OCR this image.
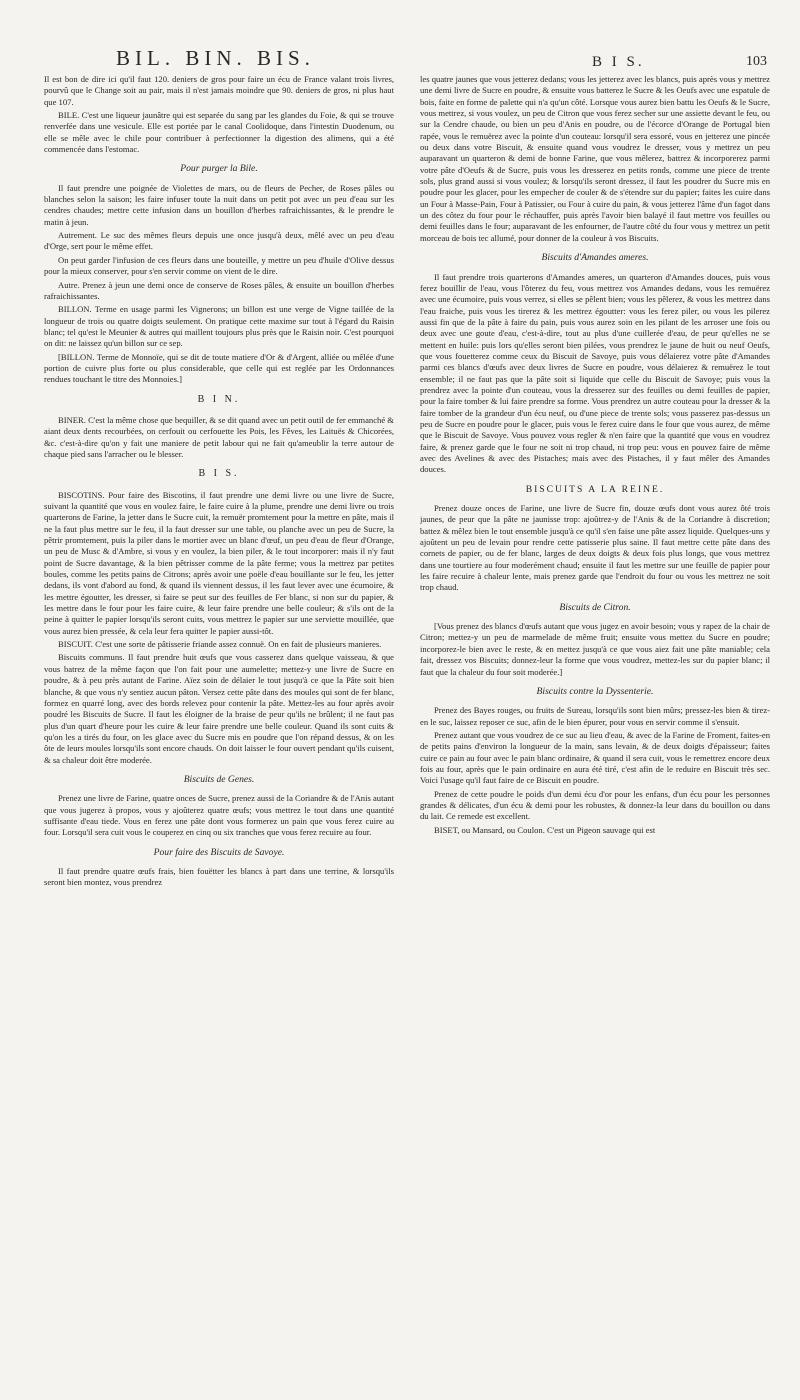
BIL. BIN. BIS.	B I S.	103

Il est bon de dire ici qu'il faut 120. deniers de gros pour faire un écu de France valant trois livres, pourvû que le Change soit au pair, mais il n'est jamais moindre que 90. deniers de gros, ni plus haut que 107.

BILE. C'est une liqueur jaunâtre qui est separée du sang par les glandes du Foie, & qui se trouve renverfée dans une vesicule. Elle est portée par le canal Coolidoque, dans l'intestin Duodenum, ou elle se mêle avec le chile pour contribuer à perfectionner la digestion des alimens, qui a été commencée dans l'estomac.

Pour purger la Bile.

Il faut prendre une poignée de Violettes de mars, ou de fleurs de Pecher, de Roses pâles ou blanches selon la saison; les faire infuser toute la nuit dans un petit pot avec un peu d'eau sur les cendres chaudes; mettre cette infusion dans un bouillon d'herbes rafraichissantes, & le prendre le matin à jeun.

Autrement. Le suc des mêmes fleurs depuis une once jusqu'à deux, mêlé avec un peu d'eau d'Orge, sert pour le même effet.

On peut garder l'infusion de ces fleurs dans une bouteille, y mettre un peu d'huile d'Olive dessus pour la mieux conserver, pour s'en servir comme on vient de le dire.

Autre. Prenez à jeun une demi once de conserve de Roses pâles, & ensuite un bouillon d'herbes rafraichissantes.

BILLON. Terme en usage parmi les Vignerons; un billon est une verge de Vigne taillée de la longueur de trois ou quatre doigts seulement. On pratique cette maxime sur tout à l'égard du Raisin blanc; tel qu'est le Meunier & autres qui maillent toujours plus près que le Raisin noir. C'est pourquoi on dit: ne laissez qu'un billon sur ce sep.

[BILLON. Terme de Monnoïe, qui se dit de toute matiere d'Or & d'Argent, alliée ou mêlée d'une portion de cuivre plus forte ou plus considerable, que celle qui est reglée par les Ordonnances rendues touchant le titre des Monnoies.]

B I N.

BINER. C'est la même chose que bequiller, & se dit quand avec un petit outil de fer emmanché & aiant deux dents recourbées, on cerfouit ou cerfouette les Pois, les Fêves, les Laituës & Chicorées, &c. c'est-à-dire qu'on y fait une maniere de petit labour qui ne fait qu'ameublir la terre autour de chaque pied sans l'arracher ou le blesser.

B I S.

BISCOTINS. Pour faire des Biscotins, il faut prendre une demi livre ou une livre de Sucre, suivant la quantité que vous en voulez faire, le faire cuire à la plume, prendre une demi livre ou trois quarterons de Farine, la jetter dans le Sucre cuit, la remuër promtement pour la mettre en pâte, mais il ne la faut plus mettre sur le feu, il la faut dresser sur une table, ou planche avec un peu de Sucre, la pêtrir promtement, puis la piler dans le mortier avec un blanc d'œuf, un peu d'eau de fleur d'Orange, un peu de Musc & d'Ambre, si vous y en voulez, la bien piler, & le tout incorporer: mais il n'y faut point de Sucre davantage, & la bien pêtrisser comme de la pâte ferme; vous la mettrez par petites boules, comme les petits pains de Citrons; après avoir une poële d'eau bouillante sur le feu, les jetter dedans, ils vont d'abord au fond, & quand ils viennent dessus, il les faut lever avec une écumoire, & les mettre égoutter, les dresser, si faire se peut sur des feuilles de Fer blanc, si non sur du papier, & les mettre dans le four pour les faire cuire, & leur faire prendre une belle couleur; & s'ils ont de la peine à quitter le papier lorsqu'ils seront cuits, vous mettrez le papier sur une serviette mouillée, que vous aurez bien pressée, & cela leur fera quitter le papier aussi-tôt.

BISCUIT. C'est une sorte de pâtisserie friande assez connuë. On en fait de plusieurs manieres.

Biscuits communs. Il faut prendre huit œufs que vous casserez dans quelque vaisseau, & que vous batrez de la même façon que l'on fait pour une aumelette; mettez-y une livre de Sucre en poudre, & à peu près autant de Farine. Aïez soin de délaier le tout jusqu'à ce que la Pâte soit bien blanche, & que vous n'y sentiez aucun pâton. Versez cette pâte dans des moules qui sont de fer blanc, formez en quarré long, avec des bords relevez pour contenir la pâte. Mettez-les au four après avoir poudré les Biscuits de Sucre. Il faut les éloigner de la braise de peur qu'ils ne brûlent; il ne faut pas plus d'un quart d'heure pour les cuire & leur faire prendre une belle couleur. Quand ils sont cuits & qu'on les a tirés du four, on les glace avec du Sucre mis en poudre que l'on répand dessus, & on les ôte de leurs moules lorsqu'ils sont encore chauds. On doit laisser le four ouvert pendant qu'ils cuisent, & sa chaleur doit être moderée.

Biscuits de Genes.

Prenez une livre de Farine, quatre onces de Sucre, prenez aussi de la Coriandre & de l'Anis autant que vous jugerez à propos, vous y ajoûterez quatre œufs; vous mettrez le tout dans une quantité suffisante d'eau tiede. Vous en ferez une pâte dont vous formerez un pain que vous ferez cuire au four. Lorsqu'il sera cuit vous le couperez en cinq ou six tranches que vous ferez recuire au four.

Pour faire des Biscuits de Savoye.

Il faut prendre quatre œufs frais, bien fouëtter les blancs à part dans une terrine, & lorsqu'ils seront bien montez, vous prendrez

les quatre jaunes que vous jetterez dedans; vous les jetterez avec les blancs, puis après vous y mettrez une demi livre de Sucre en poudre, & ensuite vous batterez le Sucre & les Oeufs avec une espatule de bois, faite en forme de palette qui n'a qu'un côté. Lorsque vous aurez bien battu les Oeufs & le Sucre, vous mettrez, si vous voulez, un peu de Citron que vous ferez secher sur une assiette devant le feu, ou sur la Cendre chaude, ou bien un peu d'Anis en poudre, ou de l'écorce d'Orange de Portugal bien rapée, vous le remuërez avec la pointe d'un couteau: lorsqu'il sera essoré, vous en jetterez une pincée ou deux dans votre Biscuit, & ensuite quand vous voudrez le dresser, vous y mettrez un peu auparavant un quarteron & demi de bonne Farine, que vous mêlerez, battrez & incorporerez parmi votre pâte d'Oeufs & de Sucre, puis vous les dresserez en petits ronds, comme une piece de trente sols, plus grand aussi si vous voulez; & lorsqu'ils seront dressez, il faut les poudrer du Sucre mis en poudre pour les glacer, pour les empecher de couler & de s'étendre sur du papier; faites les cuire dans un Four à Masse-Pain, Four à Patissier, ou Four à cuire du pain, & vous jetterez l'âme d'un fagot dans un des côtez du four pour le réchauffer, puis après l'avoir bien balayé il faut mettre vos feuilles ou demi feuilles dans le four; auparavant de les enfourner, de l'autre côté du four vous y mettrez un petit morceau de bois tec allumé, pour donner de la couleur à vos Biscuits.

Biscuits d'Amandes ameres.

Il faut prendre trois quarterons d'Amandes ameres, un quarteron d'Amandes douces, puis vous ferez bouillir de l'eau, vous l'ôterez du feu, vous mettrez vos Amandes dedans, vous les remuërez avec une écumoire, puis vous verrez, si elles se pêlent bien; vous les pêlerez, & vous les mettrez dans l'eau fraiche, puis vous les tirerez & les mettrez égoutter: vous les ferez piler, ou vous les pilerez aussi fin que de la pâte à faire du pain, puis vous aurez soin en les pilant de les arroser une fois ou deux avec une goute d'eau, c'est-à-dire, tout au plus d'une cuillerée d'eau, de peur qu'elles ne se mettent en huile: puis lors qu'elles seront bien pilées, vous prendrez le jaune de huit ou neuf Oeufs, que vous fouetterez comme ceux du Biscuit de Savoye, puis vous délaierez votre pâte d'Amandes parmi ces blancs d'œufs avec deux livres de Sucre en poudre, vous délaierez & remuërez le tout ensemble; il ne faut pas que la pâte soit si liquide que celle du Biscuit de Savoye; puis vous la prendrez avec la pointe d'un couteau, vous la dresserez sur des feuilles ou demi feuilles de papier, pour la faire tomber & lui faire prendre sa forme. Vous prendrez un autre couteau pour la dresser & la faire tomber de la grandeur d'un écu neuf, ou d'une piece de trente sols; vous passerez pas-dessus un peu de Sucre en poudre pour le glacer, puis vous le ferez cuire dans le four que vous aurez, de même que le Biscuit de Savoye. Vous pouvez vous regler & n'en faire que la quantité que vous en voudrez faire, & prenez garde que le four ne soit ni trop chaud, ni trop peu: vous en pouvez faire de même avec des Avelines & avec des Pistaches; mais avec des Pistaches, il y faut mêler des Amandes douces.

BISCUITS A LA REINE.

Prenez douze onces de Farine, une livre de Sucre fin, douze œufs dont vous aurez ôté trois jaunes, de peur que la pâte ne jaunisse trop: ajoûtrez-y de l'Anis & de la Coriandre à discretion; battez & mêlez bien le tout ensemble jusqu'à ce qu'il s'en faise une pâte assez liquide. Quelques-uns y ajoûtent un peu de levain pour rendre cette patisserie plus saine. Il faut mettre cette pâte dans des cornets de papier, ou de fer blanc, larges de deux doigts & deux fois plus longs, que vous mettrez dans une tourtiere au four moderément chaud; ensuite il faut les mettre sur une feuille de papier pour les faire recuire à chaleur lente, mais prenez garde que l'endroit du four ou vous les mettrez ne soit trop chaud.

Biscuits de Citron.

[Vous prenez des blancs d'œufs autant que vous jugez en avoir besoin; vous y rapez de la chair de Citron; mettez-y un peu de marmelade de même fruit; ensuite vous mettez du Sucre en poudre; incorporez-le bien avec le reste, & en mettez jusqu'à ce que vous aiez fait une pâte maniable; cela fait, dressez vos Biscuits; donnez-leur la forme que vous voudrez, mettez-les sur du papier blanc; il faut que la chaleur du four soit moderée.]

Biscuits contre la Dyssenterie.

Prenez des Bayes rouges, ou fruits de Sureau, lorsqu'ils sont bien mûrs; pressez-les bien & tirez-en le suc, laissez reposer ce suc, afin de le bien épurer, pour vous en servir comme il s'ensuit.

Prenez autant que vous voudrez de ce suc au lieu d'eau, & avec de la Farine de Froment, faites-en de petits pains d'environ la longueur de la main, sans levain, & de deux doigts d'épaisseur; faites cuire ce pain au four avec le pain blanc ordinaire, & quand il sera cuit, vous le remettrez encore deux fois au four, après que le pain ordinaire en aura été tiré, c'est afin de le reduire en Biscuit très sec. Voici l'usage qu'il faut faire de ce Biscuit en poudre.

Prenez de cette poudre le poids d'un demi écu d'or pour les enfans, d'un écu pour les personnes grandes & délicates, d'un écu & demi pour les robustes, & donnez-la leur dans du bouillon ou dans du lait. Ce remede est excellent.

BISET, ou Mansard, ou Coulon. C'est un Pigeon sauvage qui est
